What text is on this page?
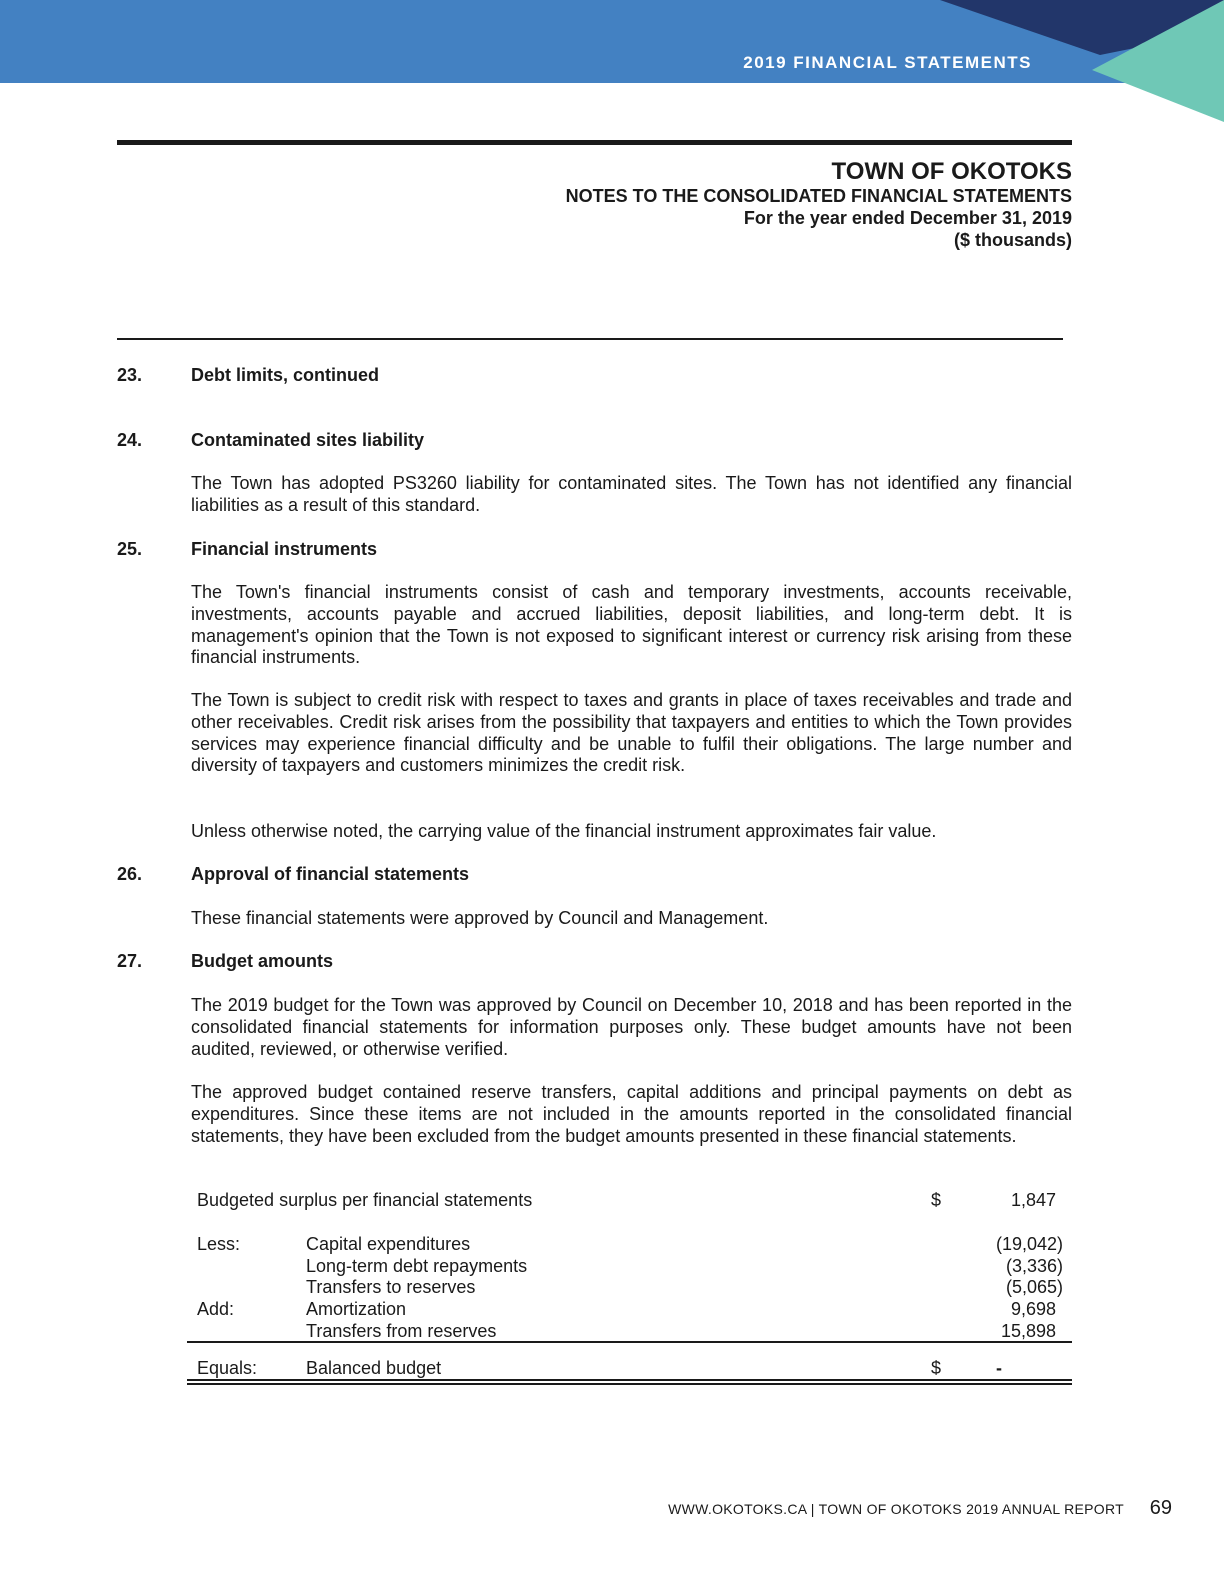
2019 FINANCIAL STATEMENTS
TOWN OF OKOTOKS
NOTES TO THE CONSOLIDATED FINANCIAL STATEMENTS
For the year ended December 31, 2019
($ thousands)
23.	Debt limits, continued
24.	Contaminated sites liability
The Town has adopted PS3260 liability for contaminated sites. The Town has not identified any financial liabilities as a result of this standard.
25.	Financial instruments
The Town's financial instruments consist of cash and temporary investments, accounts receivable, investments, accounts payable and accrued liabilities, deposit liabilities, and long-term debt. It is management's opinion that the Town is not exposed to significant interest or currency risk arising from these financial instruments.
The Town is subject to credit risk with respect to taxes and grants in place of taxes receivables and trade and other receivables. Credit risk arises from the possibility that taxpayers and entities to which the Town provides services may experience financial difficulty and be unable to fulfil their obligations. The large number and diversity of taxpayers and customers minimizes the credit risk.
Unless otherwise noted, the carrying value of the financial instrument approximates fair value.
26.	Approval of financial statements
These financial statements were approved by Council and Management.
27.	Budget amounts
The 2019 budget for the Town was approved by Council on December 10, 2018 and has been reported in the consolidated financial statements for information purposes only. These budget amounts have not been audited, reviewed, or otherwise verified.
The approved budget contained reserve transfers, capital additions and principal payments on debt as expenditures. Since these items are not included in the amounts reported in the consolidated financial statements, they have been excluded from the budget amounts presented in these financial statements.
Budgeted surplus per financial statements	$	1,847
Less:	Capital expenditures	(19,042)
Long-term debt repayments	(3,336)
Transfers to reserves	(5,065)
Add:	Amortization	9,698
Transfers from reserves	15,898
Equals:	Balanced budget	$	-
WWW.OKOTOKS.CA | TOWN OF OKOTOKS 2019 ANNUAL REPORT 69
